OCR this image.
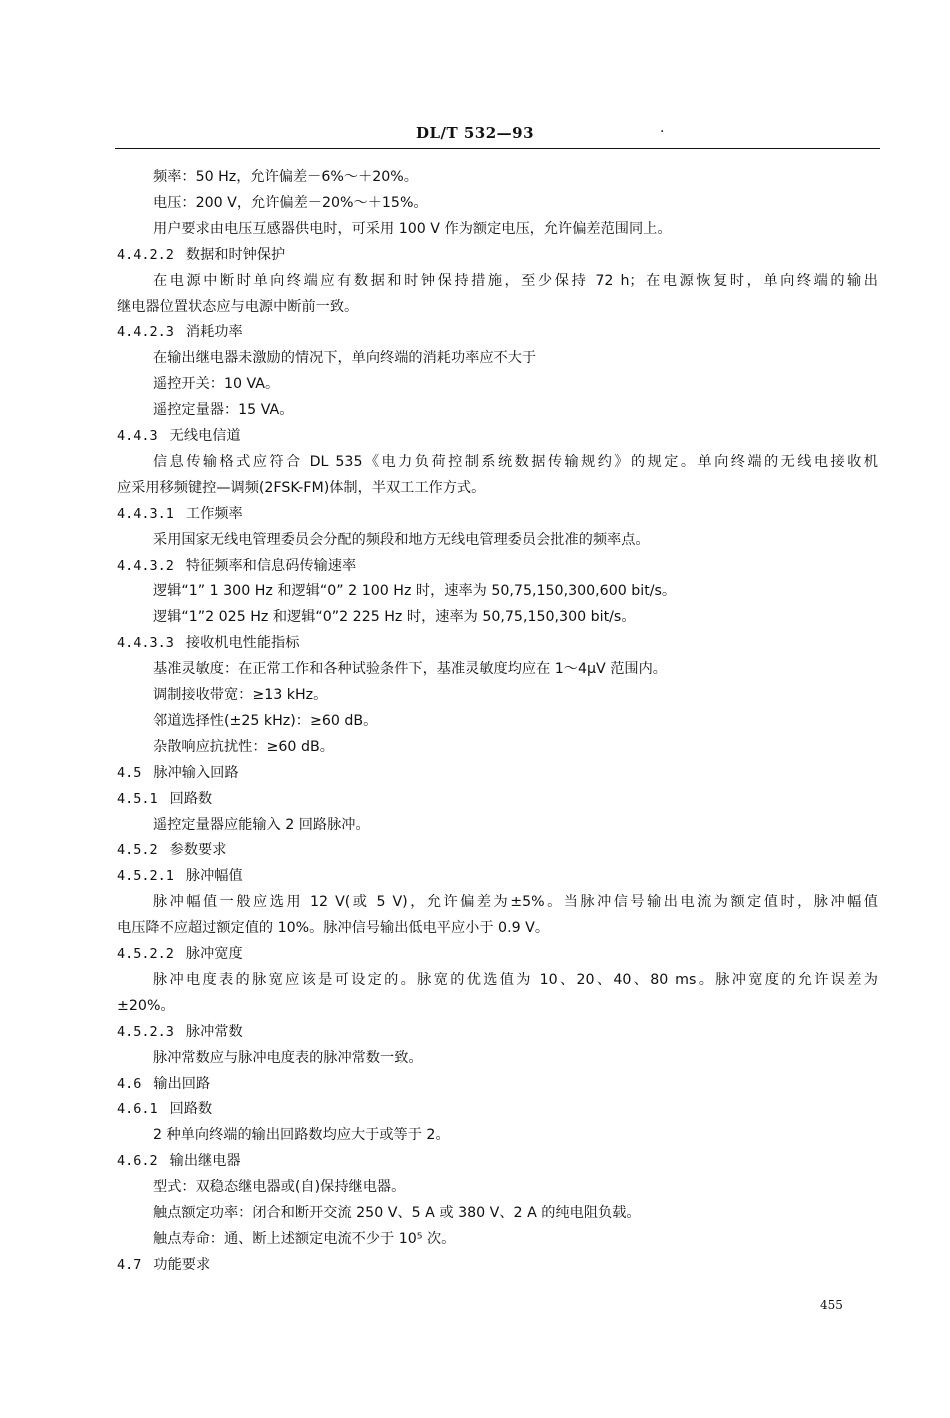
DL/T 532—93	·
频率：50 Hz，允许偏差－6%～＋20%。
电压：200 V，允许偏差－20%～＋15%。
用户要求由电压互感器供电时，可采用 100 V 作为额定电压，允许偏差范围同上。
4.4.2.2 数据和时钟保护
在电源中断时单向终端应有数据和时钟保持措施，至少保持 72 h；在电源恢复时，单向终端的输出
继电器位置状态应与电源中断前一致。
4.4.2.3 消耗功率
在输出继电器未激励的情况下，单向终端的消耗功率应不大于
遥控开关：10 VA。
遥控定量器：15 VA。
4.4.3 无线电信道
信息传输格式应符合 DL 535《电力负荷控制系统数据传输规约》的规定。单向终端的无线电接收机
应采用移频键控—调频(2FSK-FM)体制，半双工工作方式。
4.4.3.1 工作频率
采用国家无线电管理委员会分配的频段和地方无线电管理委员会批准的频率点。
4.4.3.2 特征频率和信息码传输速率
逻辑“1” 1 300 Hz 和逻辑“0” 2 100 Hz 时，速率为 50,75,150,300,600 bit/s。
逻辑“1”2 025 Hz 和逻辑“0”2 225 Hz 时，速率为 50,75,150,300 bit/s。
4.4.3.3 接收机电性能指标
基准灵敏度：在正常工作和各种试验条件下，基准灵敏度均应在 1～4μV 范围内。
调制接收带宽：≥13 kHz。
邻道选择性(±25 kHz)：≥60 dB。
杂散响应抗扰性：≥60 dB。
4.5 脉冲输入回路
4.5.1 回路数
遥控定量器应能输入 2 回路脉冲。
4.5.2 参数要求
4.5.2.1 脉冲幅值
脉冲幅值一般应选用 12 V(或 5 V)，允许偏差为±5%。当脉冲信号输出电流为额定值时，脉冲幅值
电压降不应超过额定值的 10%。脉冲信号输出低电平应小于 0.9 V。
4.5.2.2 脉冲宽度
脉冲电度表的脉宽应该是可设定的。脉宽的优选值为 10、20、40、80 ms。脉冲宽度的允许误差为
±20%。
4.5.2.3 脉冲常数
脉冲常数应与脉冲电度表的脉冲常数一致。
4.6 输出回路
4.6.1 回路数
2 种单向终端的输出回路数均应大于或等于 2。
4.6.2 输出继电器
型式：双稳态继电器或(自)保持继电器。
触点额定功率：闭合和断开交流 250 V、5 A 或 380 V、2 A 的纯电阻负载。
触点寿命：通、断上述额定电流不少于 10⁵ 次。
4.7 功能要求
455
